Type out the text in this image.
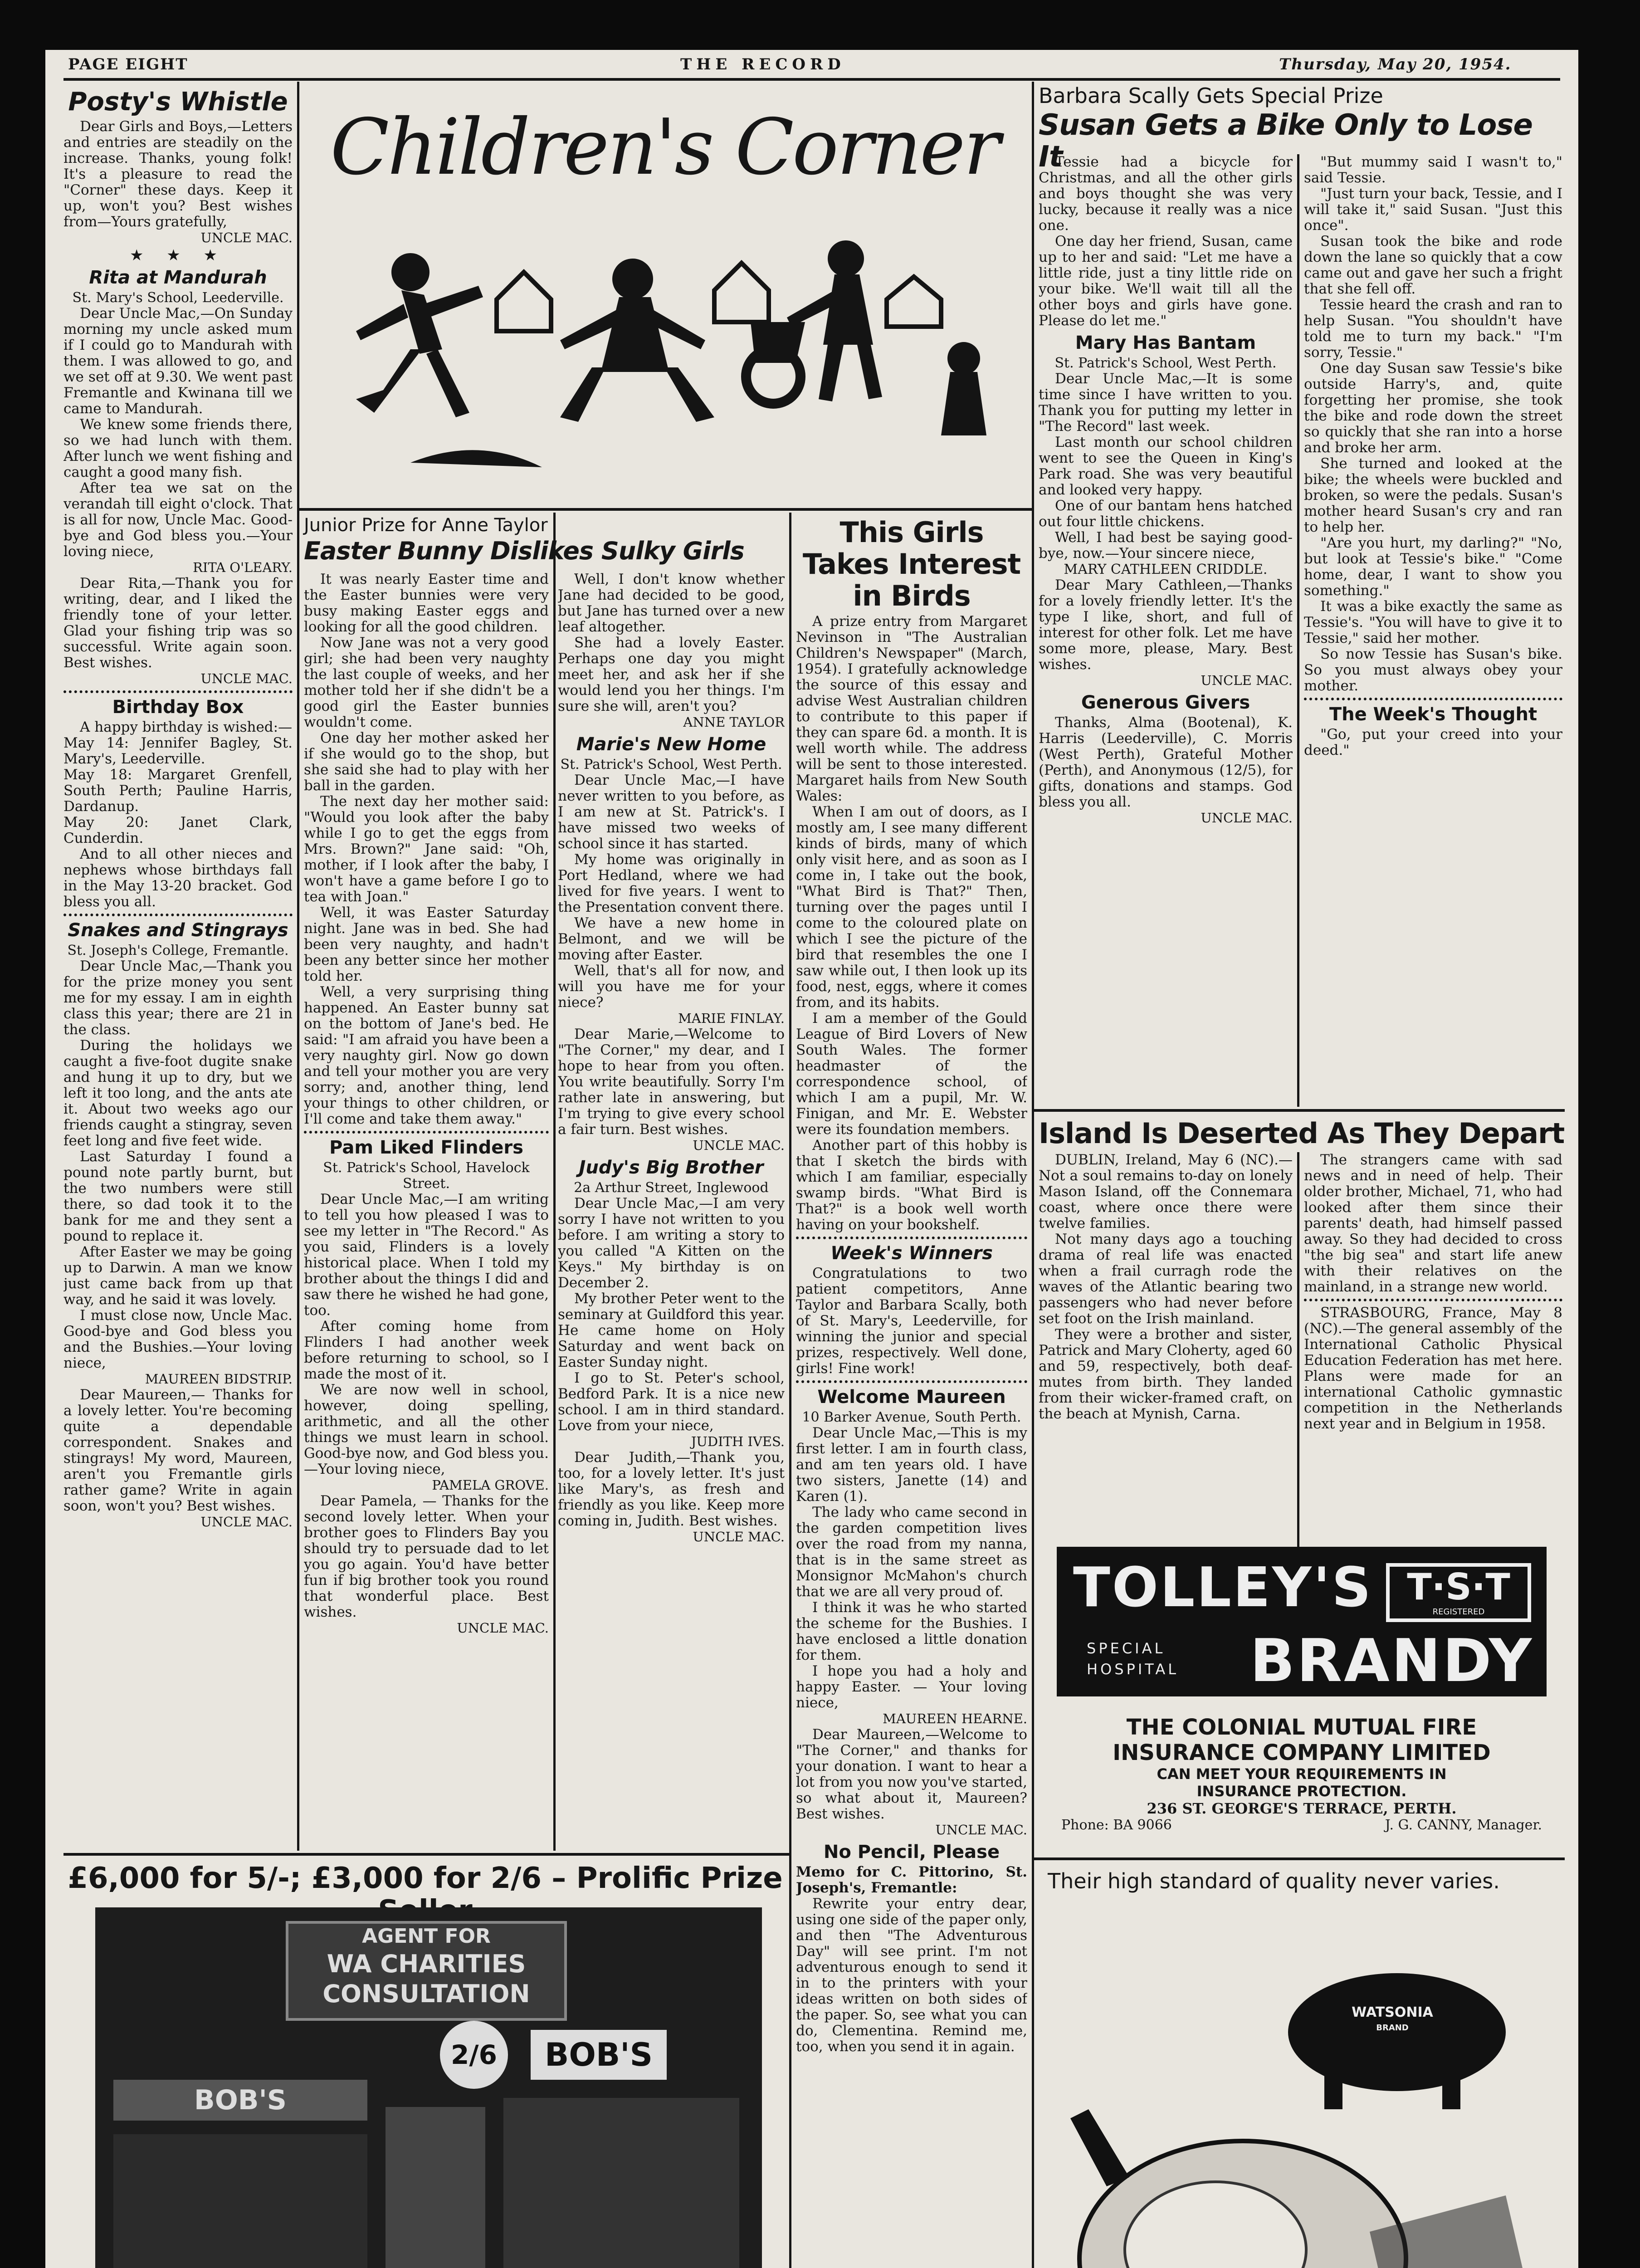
PAGE EIGHT	THE RECORD	Thursday, May 20, 1954.
Children's Corner
Posty's Whistle

Dear Girls and Boys,—Letters and entries are steadily on the increase. Thanks, young folk! It's a pleasure to read the "Corner" these days. Keep it up, won't you? Best wishes from—Yours gratefully,

UNCLE MAC.

★ ★ ★
Rita at Mandurah

St. Mary's School, Leederville.

Dear Uncle Mac,—On Sunday morning my uncle asked mum if I could go to Mandurah with them. I was allowed to go, and we set off at 9.30. We went past Fremantle and Kwinana till we came to Mandurah.

We knew some friends there, so we had lunch with them. After lunch we went fishing and caught a good many fish.

After tea we sat on the verandah till eight o'clock. That is all for now, Uncle Mac. Good-bye and God bless you.—Your loving niece,

RITA O'LEARY.

Dear Rita,—Thank you for writing, dear, and I liked the friendly tone of your letter. Glad your fishing trip was so successful. Write again soon. Best wishes.

UNCLE MAC.

Birthday Box

A happy birthday is wished:—

May 14: Jennifer Bagley, St. Mary's, Leederville.

May 18: Margaret Grenfell, South Perth; Pauline Harris, Dardanup.

May 20: Janet Clark, Cunderdin.

And to all other nieces and nephews whose birthdays fall in the May 13-20 bracket. God bless you all.

Snakes and Stingrays

St. Joseph's College, Fremantle.

Dear Uncle Mac,—Thank you for the prize money you sent me for my essay. I am in eighth class this year; there are 21 in the class.

During the holidays we caught a five-foot dugite snake and hung it up to dry, but we left it too long, and the ants ate it. About two weeks ago our friends caught a stingray, seven feet long and five feet wide.

Last Saturday I found a pound note partly burnt, but the two numbers were still there, so dad took it to the bank for me and they sent a pound to replace it.

After Easter we may be going up to Darwin. A man we know just came back from up that way, and he said it was lovely.

I must close now, Uncle Mac. Good-bye and God bless you and the Bushies.—Your loving niece,

MAUREEN BIDSTRIP.

Dear Maureen,— Thanks for a lovely letter. You're becoming quite a dependable correspondent. Snakes and stingrays! My word, Maureen, aren't you Fremantle girls rather game? Write in again soon, won't you? Best wishes.

UNCLE MAC.

Junior Prize for Anne Taylor
Easter Bunny Dislikes Sulky Girls

It was nearly Easter time and the Easter bunnies were very busy making Easter eggs and looking for all the good children.

Now Jane was not a very good girl; she had been very naughty the last couple of weeks, and her mother told her if she didn't be a good girl the Easter bunnies wouldn't come.

One day her mother asked her if she would go to the shop, but she said she had to play with her ball in the garden.

The next day her mother said: "Would you look after the baby while I go to get the eggs from Mrs. Brown?" Jane said: "Oh, mother, if I look after the baby, I won't have a game before I go to tea with Joan."

Well, it was Easter Saturday night. Jane was in bed. She had been very naughty, and hadn't been any better since her mother told her.

Well, a very surprising thing happened. An Easter bunny sat on the bottom of Jane's bed. He said: "I am afraid you have been a very naughty girl. Now go down and tell your mother you are very sorry; and, another thing, lend your things to other children, or I'll come and take them away."

Pam Liked Flinders

St. Patrick's School, Havelock Street.

Dear Uncle Mac,—I am writing to tell you how pleased I was to see my letter in "The Record." As you said, Flinders is a lovely historical place. When I told my brother about the things I did and saw there he wished he had gone, too.

After coming home from Flinders I had another week before returning to school, so I made the most of it.

We are now well in school, however, doing spelling, arithmetic, and all the other things we must learn in school. Good-bye now, and God bless you.—Your loving niece,

PAMELA GROVE.

Dear Pamela, — Thanks for the second lovely letter. When your brother goes to Flinders Bay you should try to persuade dad to let you go again. You'd have better fun if big brother took you round that wonderful place. Best wishes.

UNCLE MAC.

Well, I don't know whether Jane had decided to be good, but Jane has turned over a new leaf altogether.

She had a lovely Easter. Perhaps one day you might meet her, and ask her if she would lend you her things. I'm sure she will, aren't you?

ANNE TAYLOR

Marie's New Home

St. Patrick's School, West Perth.

Dear Uncle Mac,—I have never written to you before, as I am new at St. Patrick's. I have missed two weeks of school since it has started.

My home was originally in Port Hedland, where we had lived for five years. I went to the Presentation convent there.

We have a new home in Belmont, and we will be moving after Easter.

Well, that's all for now, and will you have me for your niece?

MARIE FINLAY.

Dear Marie,—Welcome to "The Corner," my dear, and I hope to hear from you often. You write beautifully. Sorry I'm rather late in answering, but I'm trying to give every school a fair turn. Best wishes.

UNCLE MAC.

Judy's Big Brother

2a Arthur Street, Inglewood

Dear Uncle Mac,—I am very sorry I have not written to you before. I am writing a story to you called "A Kitten on the Keys." My birthday is on December 2.

My brother Peter went to the seminary at Guildford this year. He came home on Holy Saturday and went back on Easter Sunday night.

I go to St. Peter's school, Bedford Park. It is a nice new school. I am in third standard. Love from your niece,

JUDITH IVES.

Dear Judith,—Thank you, too, for a lovely letter. It's just like Mary's, as fresh and friendly as you like. Keep more coming in, Judith. Best wishes.

UNCLE MAC.

This Girls Takes Interest in Birds

A prize entry from Margaret Nevinson in "The Australian Children's Newspaper" (March, 1954). I gratefully acknowledge the source of this essay and advise West Australian children to contribute to this paper if they can spare 6d. a month. It is well worth while. The address will be sent to those interested. Margaret hails from New South Wales:

When I am out of doors, as I mostly am, I see many different kinds of birds, many of which only visit here, and as soon as I come in, I take out the book, "What Bird is That?" Then, turning over the pages until I come to the coloured plate on which I see the picture of the bird that resembles the one I saw while out, I then look up its food, nest, eggs, where it comes from, and its habits.

I am a member of the Gould League of Bird Lovers of New South Wales. The former headmaster of the correspondence school, of which I am a pupil, Mr. W. Finigan, and Mr. E. Webster were its foundation members.

Another part of this hobby is that I sketch the birds with which I am familiar, especially swamp birds. "What Bird is That?" is a book well worth having on your bookshelf.

Week's Winners

Congratulations to two patient competitors, Anne Taylor and Barbara Scally, both of St. Mary's, Leederville, for winning the junior and special prizes, respectively. Well done, girls! Fine work!

Welcome Maureen

10 Barker Avenue, South Perth.

Dear Uncle Mac,—This is my first letter. I am in fourth class, and am ten years old. I have two sisters, Janette (14) and Karen (1).

The lady who came second in the garden competition lives over the road from my nanna, that is in the same street as Monsignor McMahon's church that we are all very proud of.

I think it was he who started the scheme for the Bushies. I have enclosed a little donation for them.

I hope you had a holy and happy Easter. — Your loving niece,

MAUREEN HEARNE.

Dear Maureen,—Welcome to "The Corner," and thanks for your donation. I want to hear a lot from you now you've started, so what about it, Maureen? Best wishes.

UNCLE MAC.

No Pencil, Please

Memo for C. Pittorino, St. Joseph's, Fremantle:

Rewrite your entry dear, using one side of the paper only, and then "The Adventurous Day" will see print. I'm not adventurous enough to send it in to the printers with your ideas written on both sides of the paper. So, see what you can do, Clementina. Remind me, too, when you send it in again.

Barbara Scally Gets Special Prize
Susan Gets a Bike Only to Lose It

Tessie had a bicycle for Christmas, and all the other girls and boys thought she was very lucky, because it really was a nice one.

One day her friend, Susan, came up to her and said: "Let me have a little ride, just a tiny little ride on your bike. We'll wait till all the other boys and girls have gone. Please do let me."

Mary Has Bantam

St. Patrick's School, West Perth.

Dear Uncle Mac,—It is some time since I have written to you. Thank you for putting my letter in "The Record" last week.

Last month our school children went to see the Queen in King's Park road. She was very beautiful and looked very happy.

One of our bantam hens hatched out four little chickens.

Well, I had best be saying good-bye, now.—Your sincere niece,

MARY CATHLEEN CRIDDLE.

Dear Mary Cathleen,—Thanks for a lovely friendly letter. It's the type I like, short, and full of interest for other folk. Let me have some more, please, Mary. Best wishes.

UNCLE MAC.

Generous Givers

Thanks, Alma (Bootenal), K. Harris (Leederville), C. Morris (West Perth), Grateful Mother (Perth), and Anonymous (12/5), for gifts, donations and stamps. God bless you all.

UNCLE MAC.

"But mummy said I wasn't to," said Tessie.

"Just turn your back, Tessie, and I will take it," said Susan. "Just this once".

Susan took the bike and rode down the lane so quickly that a cow came out and gave her such a fright that she fell off.

Tessie heard the crash and ran to help Susan. "You shouldn't have told me to turn my back." "I'm sorry, Tessie."

One day Susan saw Tessie's bike outside Harry's, and, quite forgetting her promise, she took the bike and rode down the street so quickly that she ran into a horse and broke her arm.

She turned and looked at the bike; the wheels were buckled and broken, so were the pedals. Susan's mother heard Susan's cry and ran to help her.

"Are you hurt, my darling?" "No, but look at Tessie's bike." "Come home, dear, I want to show you something."

It was a bike exactly the same as Tessie's. "You will have to give it to Tessie," said her mother.

So now Tessie has Susan's bike. So you must always obey your mother.

The Week's Thought

"Go, put your creed into your deed."

Island Is Deserted As They Depart

DUBLIN, Ireland, May 6 (NC).—Not a soul remains to-day on lonely Mason Island, off the Connemara coast, where once there were twelve families.

Not many days ago a touching drama of real life was enacted when a frail curragh rode the waves of the Atlantic bearing two passengers who had never before set foot on the Irish mainland.

They were a brother and sister, Patrick and Mary Cloherty, aged 60 and 59, respectively, both deaf-mutes from birth. They landed from their wicker-framed craft, on the beach at Mynish, Carna.

The strangers came with sad news and in need of help. Their older brother, Michael, 71, who had looked after them since their parents' death, had himself passed away. So they had decided to cross "the big sea" and start life anew with their relatives on the mainland, in a strange new world.

STRASBOURG, France, May 8 (NC).—The general assembly of the International Catholic Physical Education Federation has met here. Plans were made for an international Catholic gymnastic competition in the Netherlands next year and in Belgium in 1958.

TOLLEY'S T·S·T
REGISTERED
SPECIAL HOSPITAL BRANDY
THE COLONIAL MUTUAL FIRE
INSURANCE COMPANY LIMITED
CAN MEET YOUR REQUIREMENTS IN
INSURANCE PROTECTION.
236 ST. GEORGE'S TERRACE, PERTH.
Phone: BA 9066	J. G. CANNY, Manager.
Their high standard of quality never varies.
WATSONIA
BRAND
£6,000 for 5/-; £3,000 for 2/6 – Prolific Prize
AGENT FOR
WA CHARITIES CONSULTATION
2/6	BOB'S
BOB'S
